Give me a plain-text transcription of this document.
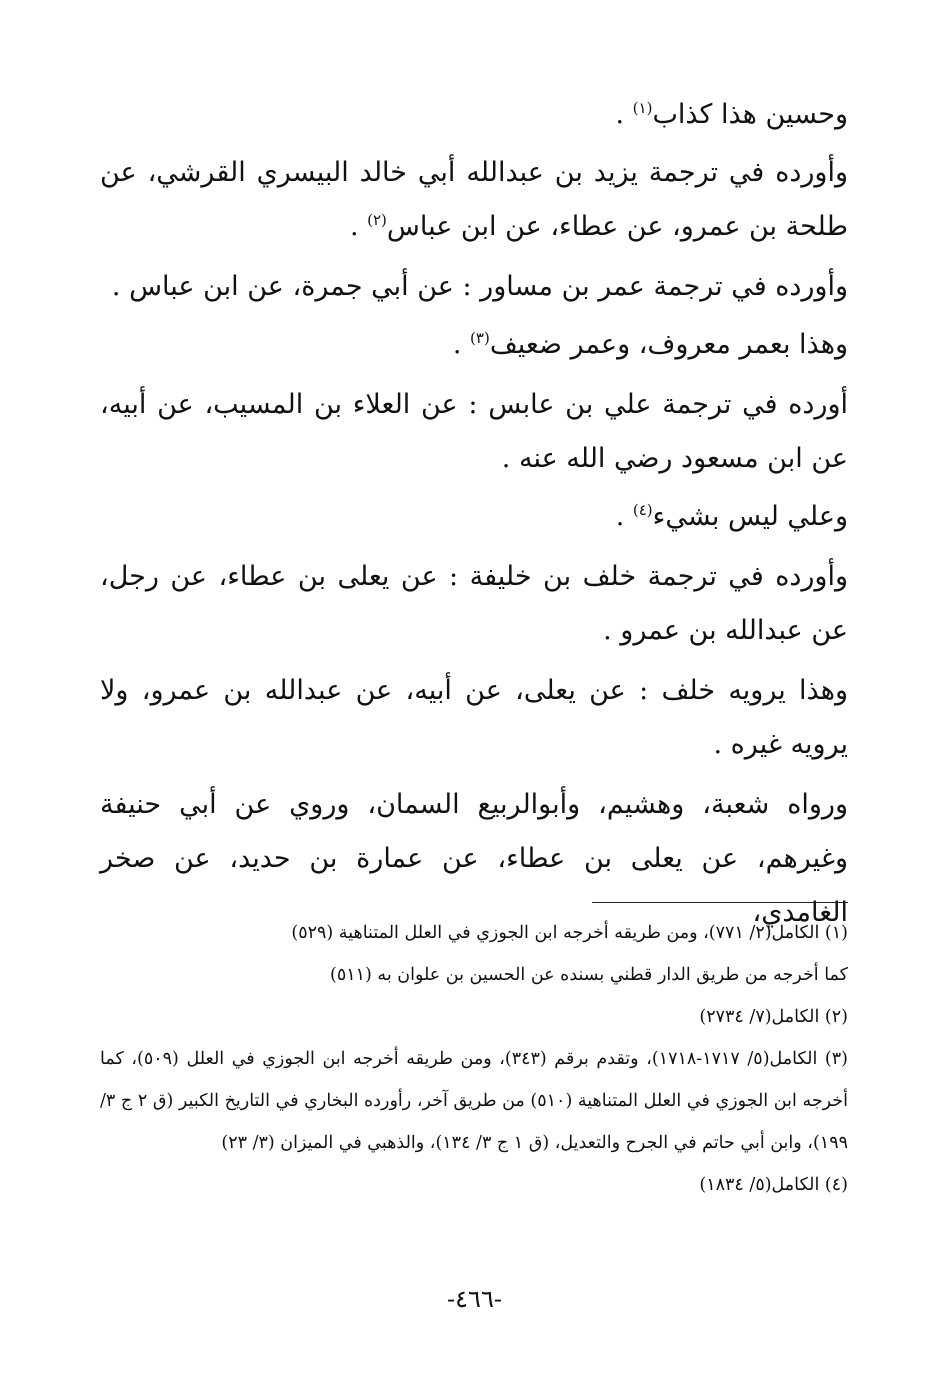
وحسين هذا كذاب$^{(١)}$ .

وأورده في ترجمة يزيد بن عبدالله أبي خالد البيسري القرشي، عن طلحة بن عمرو، عن عطاء، عن ابن عباس$^{(٢)}$ .

وأورده في ترجمة عمر بن مساور : عن أبي جمرة، عن ابن عباس .

وهذا بعمر معروف، وعمر ضعيف$^{(٣)}$ .

أورده في ترجمة علي بن عابس : عن العلاء بن المسيب، عن أبيه، عن ابن مسعود رضي الله عنه .

وعلي ليس بشيء$^{(٤)}$ .

وأورده في ترجمة خلف بن خليفة : عن يعلى بن عطاء، عن رجل، عن عبدالله بن عمرو .

وهذا يرويه خلف : عن يعلى، عن أبيه، عن عبدالله بن عمرو، ولا يرويه غيره .

ورواه شعبة، وهشيم، وأبوالربيع السمان، وروي عن أبي حنيفة وغيرهم، عن يعلى بن عطاء، عن عمارة بن حديد، عن صخر الغامدي،

(١) الكامل(٢/ ٧٧١)، ومن طريقه أخرجه ابن الجوزي في العلل المتناهية (٥٢٩)

كما أخرجه من طريق الدار قطني بسنده عن الحسين بن علوان به (٥١١)

(٢) الكامل(٧/ ٢٧٣٤)

(٣) الكامل(٥/ ١٧١٧-١٧١٨)، وتقدم برقم (٣٤٣)، ومن طريقه أخرجه ابن الجوزي في العلل (٥٠٩)، كما أخرجه ابن الجوزي في العلل المتناهية (٥١٠) من طريق آخر، رأورده البخاري في التاريخ الكبير (ق ٢ ج ٣/ ١٩٩)، وابن أبي حاتم في الجرح والتعديل، (ق ١ ج ٣/ ١٣٤)، والذهبي في الميزان (٣/ ٢٣)

(٤) الكامل(٥/ ١٨٣٤)

-٤٦٦-
